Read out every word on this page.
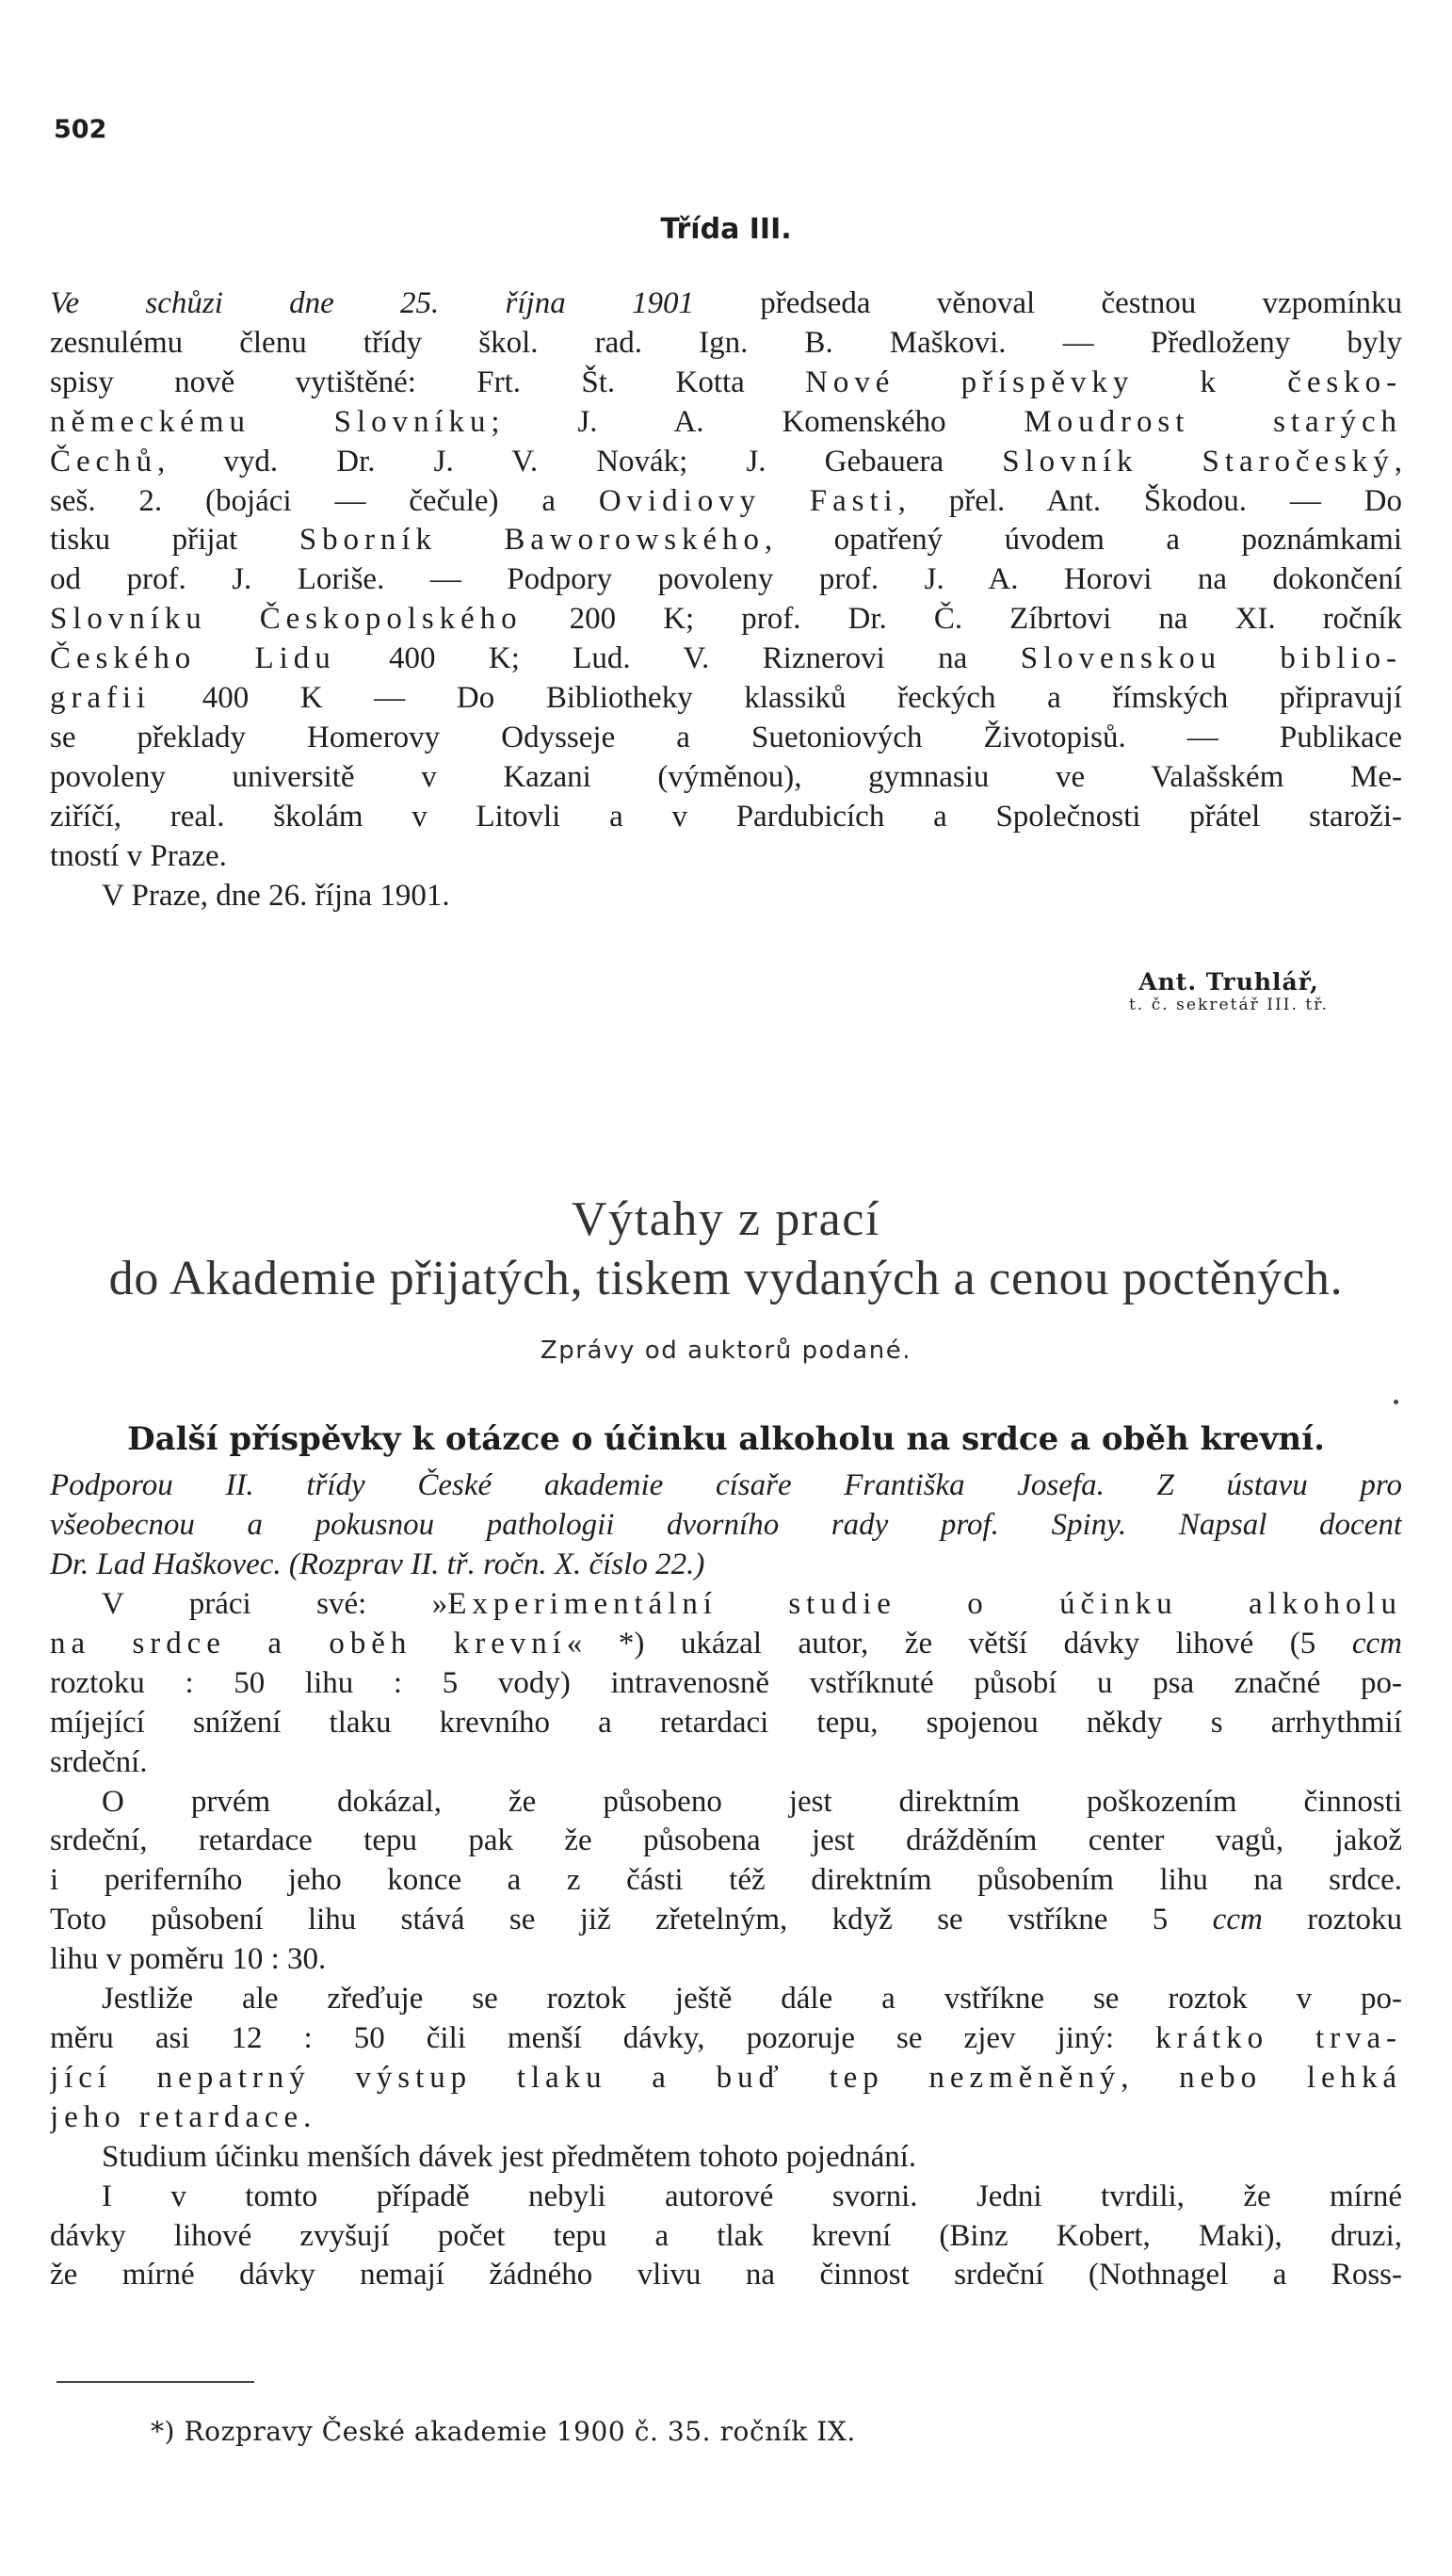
502
Třída III.
Ve schůzi dne 25. října 1901 předseda věnoval čestnou vzpomínku
zesnulému členu třídy škol. rad. Ign. B. Maškovi. — Předloženy byly
spisy nově vytištěné: Frt. Št. Kotta Nové příspěvky k česko-
německému Slovníku; J. A. Komenského Moudrost starých
Čechů, vyd. Dr. J. V. Novák; J. Gebauera Slovník Staročeský,
seš. 2. (bojáci — čečule) a Ovidiovy Fasti, přel. Ant. Škodou. — Do
tisku přijat Sborník Baworowského, opatřený úvodem a poznámkami
od prof. J. Loriše. — Podpory povoleny prof. J. A. Horovi na dokončení
Slovníku Českopolského 200 K; prof. Dr. Č. Zíbrtovi na XI. ročník
Českého Lidu 400 K; Lud. V. Riznerovi na Slovenskou biblio-
grafii 400 K — Do Bibliotheky klassiků řeckých a římských připravují
se překlady Homerovy Odysseje a Suetoniových Životopisů. — Publikace
povoleny universitě v Kazani (výměnou), gymnasiu ve Valašském Me-
ziříčí, real. školám v Litovli a v Pardubicích a Společnosti přátel staroži-
tností v Praze.
V Praze, dne 26. října 1901.
Ant. Truhlář,
t. č. sekretář III. tř.
Výtahy z prací
do Akademie přijatých, tiskem vydaných a cenou poctěných.
Zprávy od auktorů podané.
Další příspěvky k otázce o účinku alkoholu na srdce a oběh krevní.
Podporou II. třídy České akademie císaře Františka Josefa. Z ústavu pro
všeobecnou a pokusnou pathologii dvorního rady prof. Spiny. Napsal docent
Dr. Lad Haškovec. (Rozprav II. tř. ročn. X. číslo 22.)
V práci své: »Experimentální studie o účinku alkoholu
na srdce a oběh krevní« *) ukázal autor, že větší dávky lihové (5 ccm
roztoku : 50 lihu : 5 vody) intravenosně vstříknuté působí u psa značné po-
míjející snížení tlaku krevního a retardaci tepu, spojenou někdy s arrhythmií
srdeční.
O prvém dokázal, že působeno jest direktním poškozením činnosti
srdeční, retardace tepu pak že působena jest drážděním center vagů, jakož
i periferního jeho konce a z části též direktním působením lihu na srdce.
Toto působení lihu stává se již zřetelným, když se vstříkne 5 ccm roztoku
lihu v poměru 10 : 30.
Jestliže ale zřeďuje se roztok ještě dále a vstříkne se roztok v po-
měru asi 12 : 50 čili menší dávky, pozoruje se zjev jiný: krátko trva-
jící nepatrný výstup tlaku a buď tep nezměněný, nebo lehká
jeho retardace.
Studium účinku menších dávek jest předmětem tohoto pojednání.
I v tomto případě nebyli autorové svorni. Jedni tvrdili, že mírné
dávky lihové zvyšují počet tepu a tlak krevní (Binz Kobert, Maki), druzi,
že mírné dávky nemají žádného vlivu na činnost srdeční (Nothnagel a Ross-
*) Rozpravy České akademie 1900 č. 35. ročník IX.
